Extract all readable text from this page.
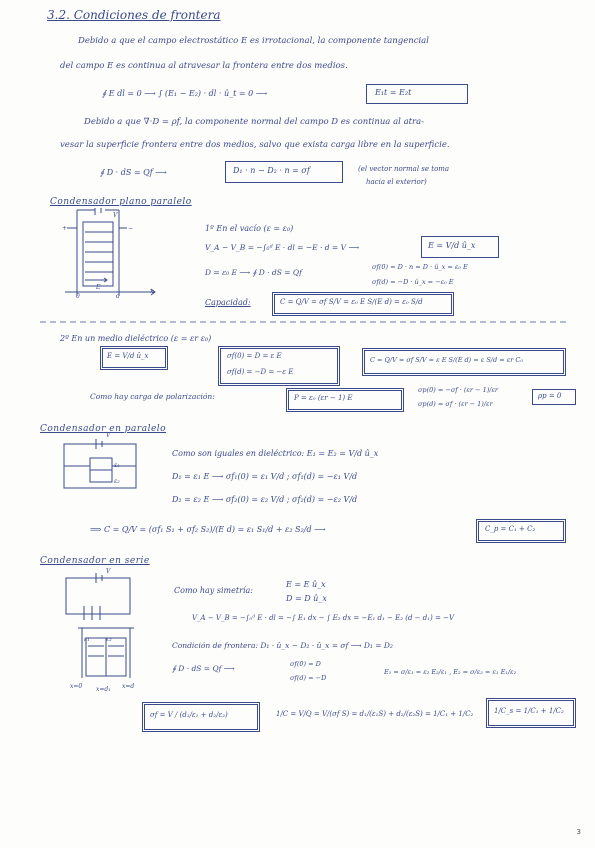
3.2. Condiciones de frontera
Debido a que el campo electrostático E es irrotacional, la componente tangencial
del campo E es continua al atravesar la frontera entre dos medios.
∮ E dl = 0 ⟶ ∫ (E₁ − E₂) · dl · û_t = 0 ⟶	E₁t = E₂t
Debido a que ∇·D = ρf, la componente normal del campo D es continua al atra-
vesar la superficie frontera entre dos medios, salvo que exista carga libre en la superficie.
∮ D · dS = Qf ⟶	D₁ · n − D₂ · n = σf	(el vector normal se toma
hacia el exterior)
Condensador plano paralelo
V
+	−
E
0	d
x
1º En el vacío (ε = ε₀)
V_A − V_B = −∫₀ᵈ E · dl = −E · d = V ⟶	E = V/d û_x
D = ε₀ E ⟶ ∮ D · dS = Qf
σf(0) = D · n = D · û_x = ε₀ E
σf(d) = −D · û_x = −ε₀ E
Capacidad:	C = Q/V = σf S/V = ε₀ E S/(E d) = ε₀ S/d
2º En un medio dieléctrico (ε = εr ε₀)
E = V/d û_x	σf(0) = D = ε E
σf(d) = −D = −ε E
C = Q/V = σf S/V = ε E S/(E d) = ε S/d = εr C₀
Como hay carga de polarización:	P = ε₀ (εr − 1) E
σp(0) = −σf · (εr − 1)/εr
σp(d) = σf · (εr − 1)/εr
ρp = 0
Condensador en paralelo
V
ε₁
ε₂
Como son iguales en dieléctrico: E₁ = E₂ = V/d û_x
D₁ = ε₁ E ⟶ σf₁(0) = ε₁ V/d ; σf₁(d) = −ε₁ V/d
D₂ = ε₂ E ⟶ σf₂(0) = ε₂ V/d ; σf₂(d) = −ε₂ V/d
⟹ C = Q/V = (σf₁ S₁ + σf₂ S₂)/(E d) = ε₁ S₁/d + ε₂ S₂/d ⟶	C_p = C₁ + C₂
Condensador en serie
V
ε₁	ε₂
x=0 x=d₁ x=d
Como hay simetría:
E = E û_x
D = D û_x
V_A − V_B = −∫₀ᵈ E · dl = −∫ E₁ dx − ∫ E₂ dx = −E₁ d₁ − E₂ (d − d₁) = −V
Condición de frontera: D₁ · û_x − D₂ · û_x = σf ⟶ D₁ = D₂
∮ D · dS = Qf ⟶	σf(0) = D
σf(d) = −D
E₁ = σ/ε₁ = ε₂ E₂/ε₁ , E₂ = σ/ε₂ = ε₁ E₁/ε₂
σf = V / (d₁/ε₁ + d₂/ε₂)	1/C = V/Q = V/(σf S) = d₁/(ε₁S) + d₂/(ε₂S) = 1/C₁ + 1/C₂	1/C_s = 1/C₁ + 1/C₂
3
